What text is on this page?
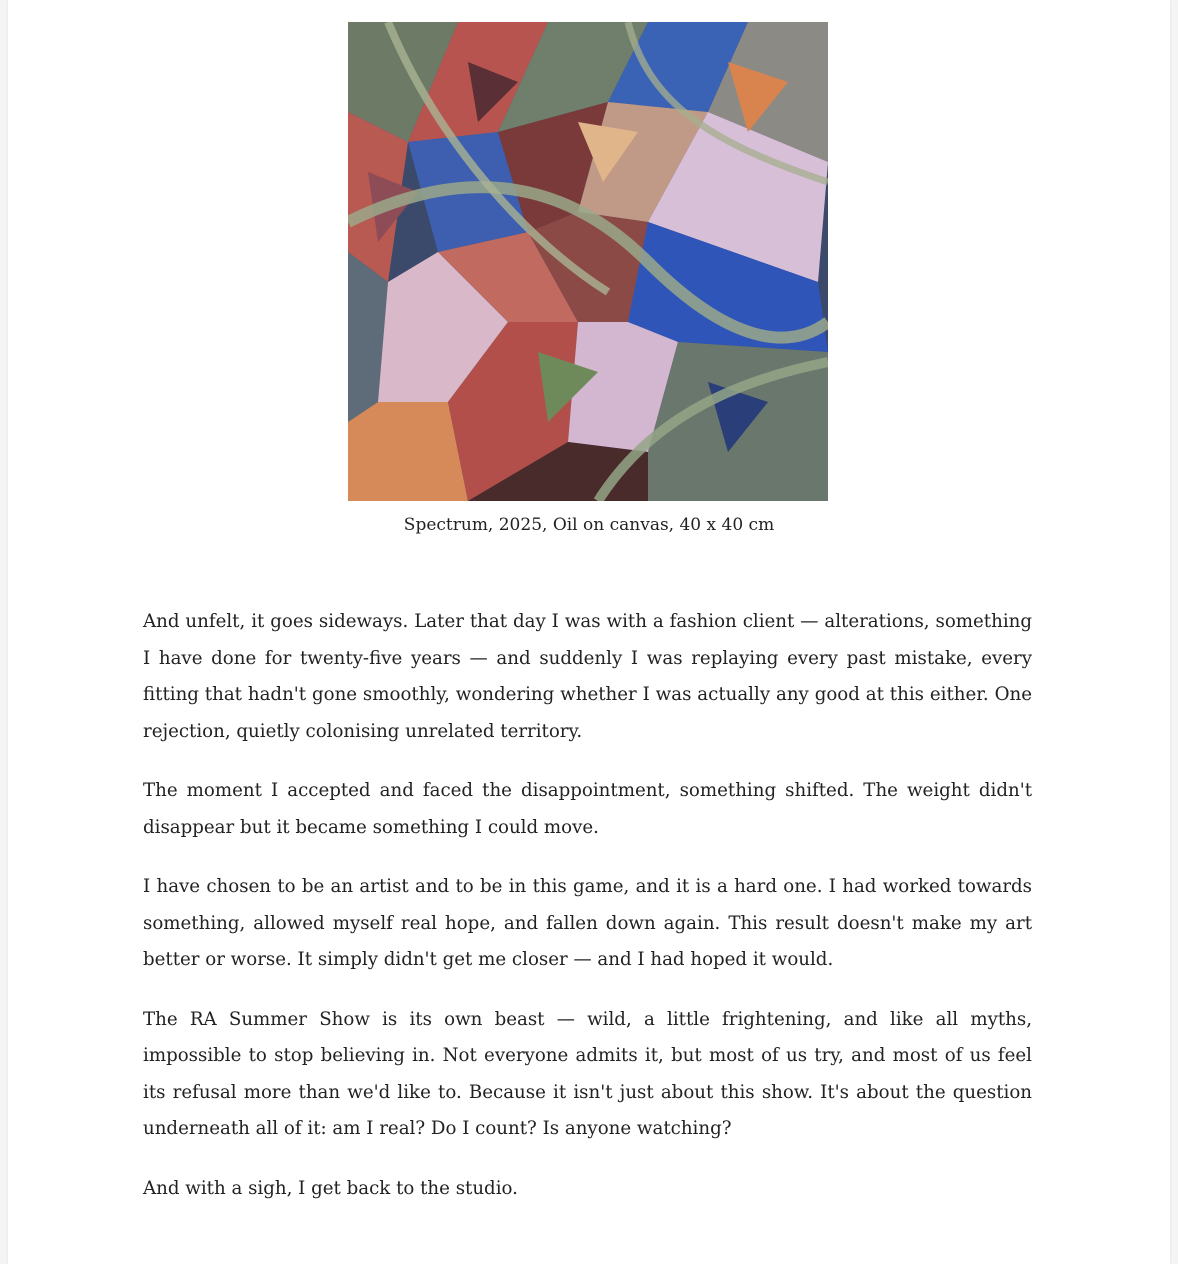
Spectrum, 2025, Oil on canvas, 40 x 40 cm

And unfelt, it goes sideways. Later that day I was with a fashion client — alterations, something I have done for twenty-five years — and suddenly I was replaying every past mistake, every fitting that hadn't gone smoothly, wondering whether I was actually any good at this either. One rejection, quietly colonising unrelated territory.

The moment I accepted and faced the disappointment, something shifted. The weight didn't disappear but it became something I could move.

I have chosen to be an artist and to be in this game, and it is a hard one. I had worked towards something, allowed myself real hope, and fallen down again. This result doesn't make my art better or worse. It simply didn't get me closer — and I had hoped it would.

The RA Summer Show is its own beast — wild, a little frightening, and like all myths, impossible to stop believing in. Not everyone admits it, but most of us try, and most of us feel its refusal more than we'd like to. Because it isn't just about this show. It's about the question underneath all of it: am I real? Do I count? Is anyone watching?

And with a sigh, I get back to the studio.
